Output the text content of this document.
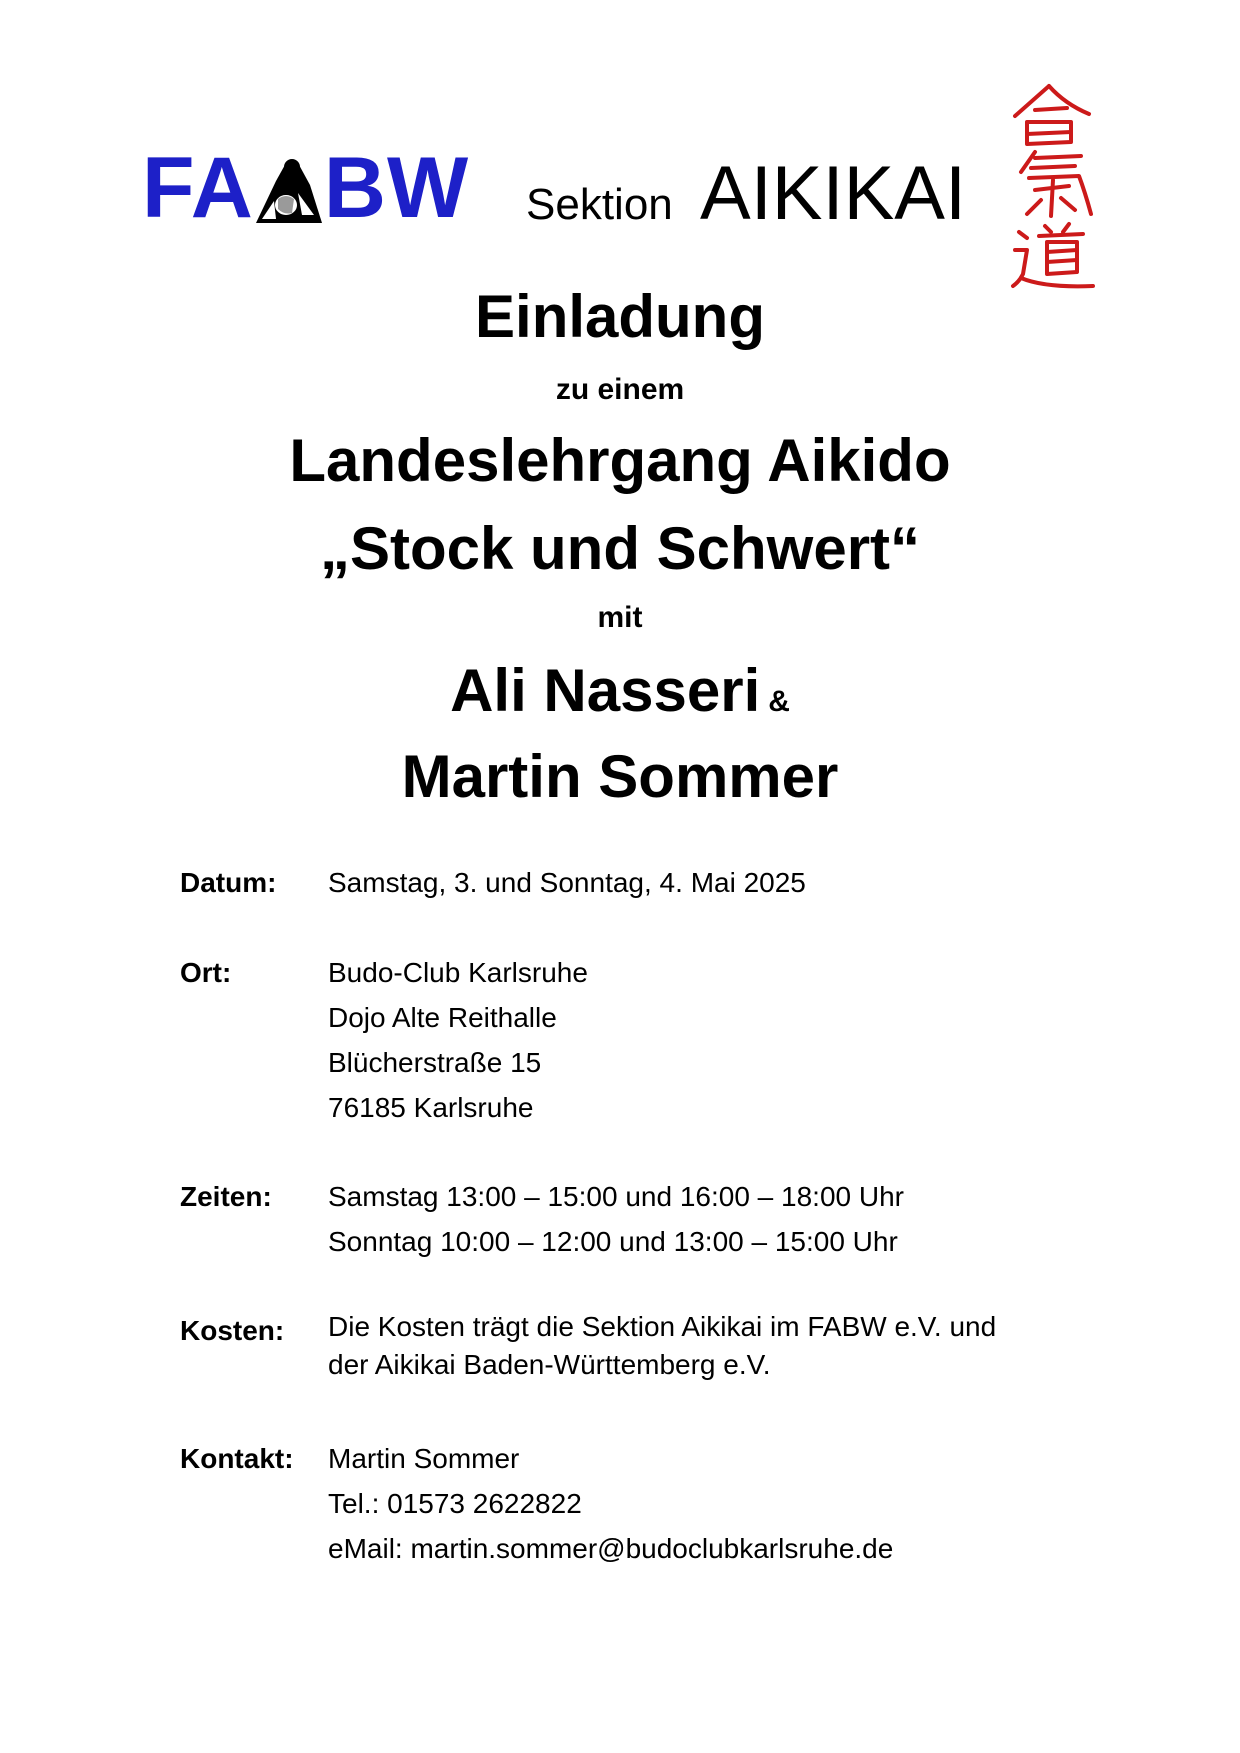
FA BW Sektion AIKIKAI
Einladung
zu einem
Landeslehrgang Aikido
„Stock und Schwert“
mit
Ali Nasseri &
Martin Sommer
Datum: Samstag, 3. und Sonntag, 4. Mai 2025
Ort:	Budo-Club Karlsruhe
Dojo Alte Reithalle
Blücherstraße 15
76185 Karlsruhe
Zeiten: Samstag 13:00 – 15:00 und 16:00 – 18:00 Uhr
Sonntag 10:00 – 12:00 und 13:00 – 15:00 Uhr
Kosten: Die Kosten trägt die Sektion Aikikai im FABW e.V. und
der Aikikai Baden-Württemberg e.V.
Kontakt: Martin Sommer
Tel.: 01573 2622822
eMail: martin.sommer@budoclubkarlsruhe.de
